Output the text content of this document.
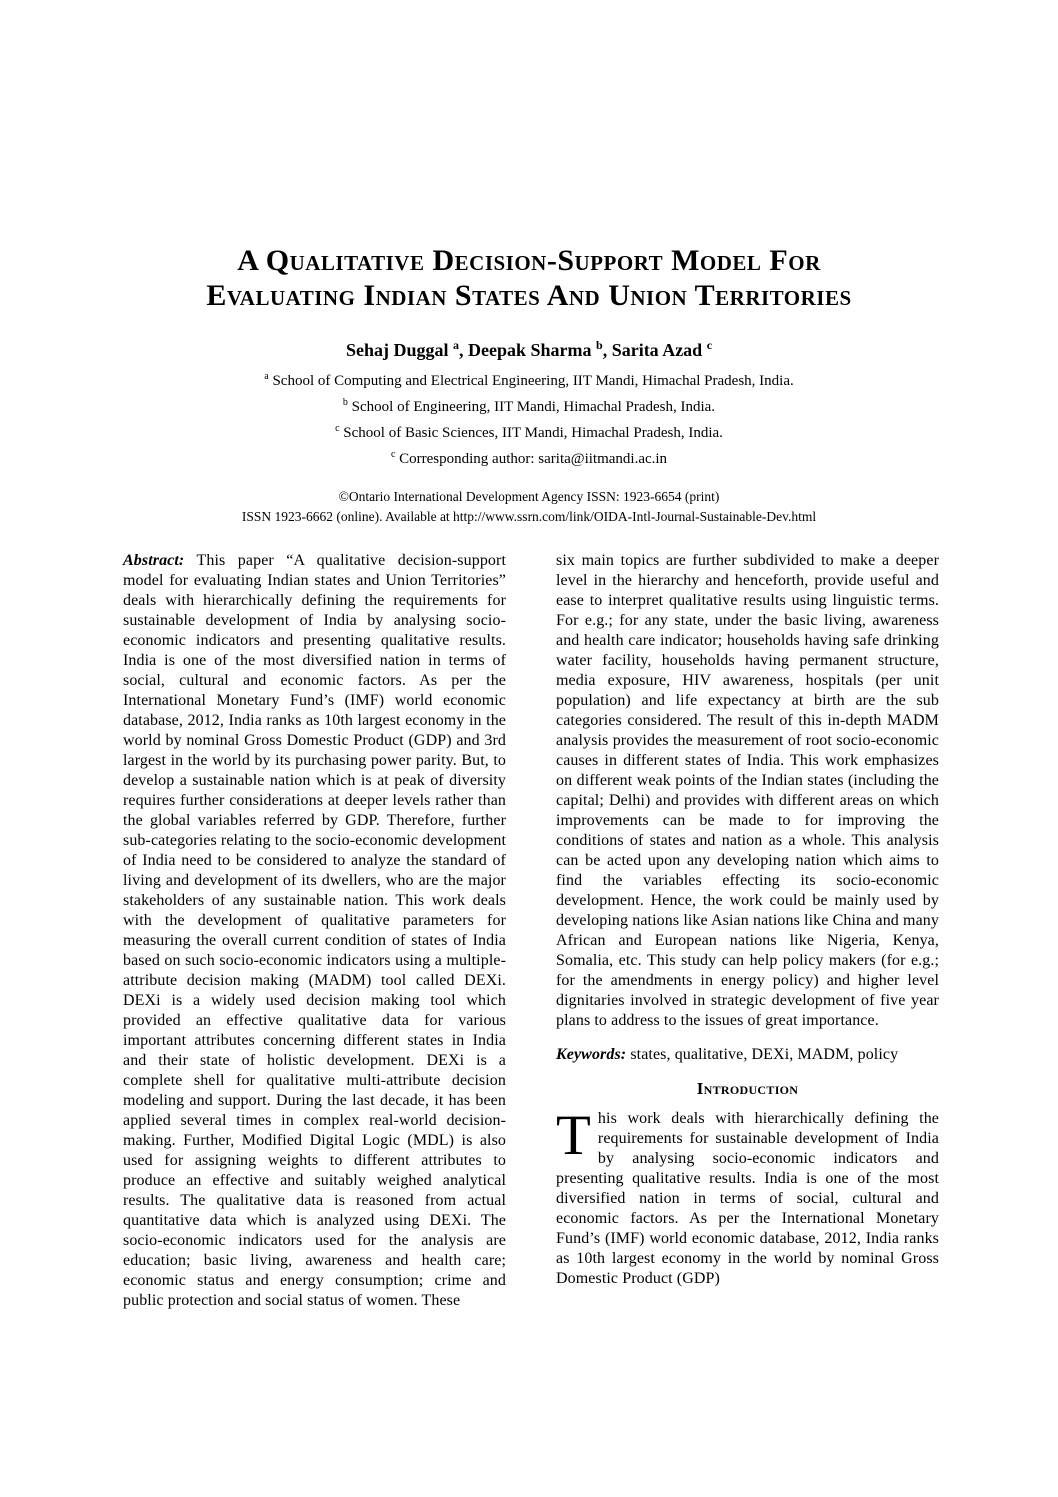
A Qualitative Decision-Support Model For
Evaluating Indian States And Union Territories
Sehaj Duggal $^a$, Deepak Sharma $^b$, Sarita Azad $^c$
$^a$ School of Computing and Electrical Engineering, IIT Mandi, Himachal Pradesh, India.
$^b$ School of Engineering, IIT Mandi, Himachal Pradesh, India.
$^c$ School of Basic Sciences, IIT Mandi, Himachal Pradesh, India.
$^c$ Corresponding author: sarita@iitmandi.ac.in
©Ontario International Development Agency ISSN: 1923-6654 (print)
ISSN 1923-6662 (online). Available at http://www.ssrn.com/link/OIDA-Intl-Journal-Sustainable-Dev.html

Abstract: This paper “A qualitative decision-support model for evaluating Indian states and Union Territories” deals with hierarchically defining the requirements for sustainable development of India by analysing socio-economic indicators and presenting qualitative results. India is one of the most diversified nation in terms of social, cultural and economic factors. As per the International Monetary Fund’s (IMF) world economic database, 2012, India ranks as 10th largest economy in the world by nominal Gross Domestic Product (GDP) and 3rd largest in the world by its purchasing power parity. But, to develop a sustainable nation which is at peak of diversity requires further considerations at deeper levels rather than the global variables referred by GDP. Therefore, further sub-categories relating to the socio-economic development of India need to be considered to analyze the standard of living and development of its dwellers, who are the major stakeholders of any sustainable nation. This work deals with the development of qualitative parameters for measuring the overall current condition of states of India based on such socio-economic indicators using a multiple-attribute decision making (MADM) tool called DEXi. DEXi is a widely used decision making tool which provided an effective qualitative data for various important attributes concerning different states in India and their state of holistic development. DEXi is a complete shell for qualitative multi-attribute decision modeling and support. During the last decade, it has been applied several times in complex real-world decision-making. Further, Modified Digital Logic (MDL) is also used for assigning weights to different attributes to produce an effective and suitably weighed analytical results. The qualitative data is reasoned from actual quantitative data which is analyzed using DEXi. The socio-economic indicators used for the analysis are education; basic living, awareness and health care; economic status and energy consumption; crime and public protection and social status of women. These

six main topics are further subdivided to make a deeper level in the hierarchy and henceforth, provide useful and ease to interpret qualitative results using linguistic terms. For e.g.; for any state, under the basic living, awareness and health care indicator; households having safe drinking water facility, households having permanent structure, media exposure, HIV awareness, hospitals (per unit population) and life expectancy at birth are the sub categories considered. The result of this in-depth MADM analysis provides the measurement of root socio-economic causes in different states of India. This work emphasizes on different weak points of the Indian states (including the capital; Delhi) and provides with different areas on which improvements can be made to for improving the conditions of states and nation as a whole. This analysis can be acted upon any developing nation which aims to find the variables effecting its socio-economic development. Hence, the work could be mainly used by developing nations like Asian nations like China and many African and European nations like Nigeria, Kenya, Somalia, etc. This study can help policy makers (for e.g.; for the amendments in energy policy) and higher level dignitaries involved in strategic development of five year plans to address to the issues of great importance.

Keywords: states, qualitative, DEXi, MADM, policy

Introduction

This work deals with hierarchically defining the requirements for sustainable development of India by analysing socio-economic indicators and presenting qualitative results. India is one of the most diversified nation in terms of social, cultural and economic factors. As per the International Monetary Fund’s (IMF) world economic database, 2012, India ranks as 10th largest economy in the world by nominal Gross Domestic Product (GDP)
